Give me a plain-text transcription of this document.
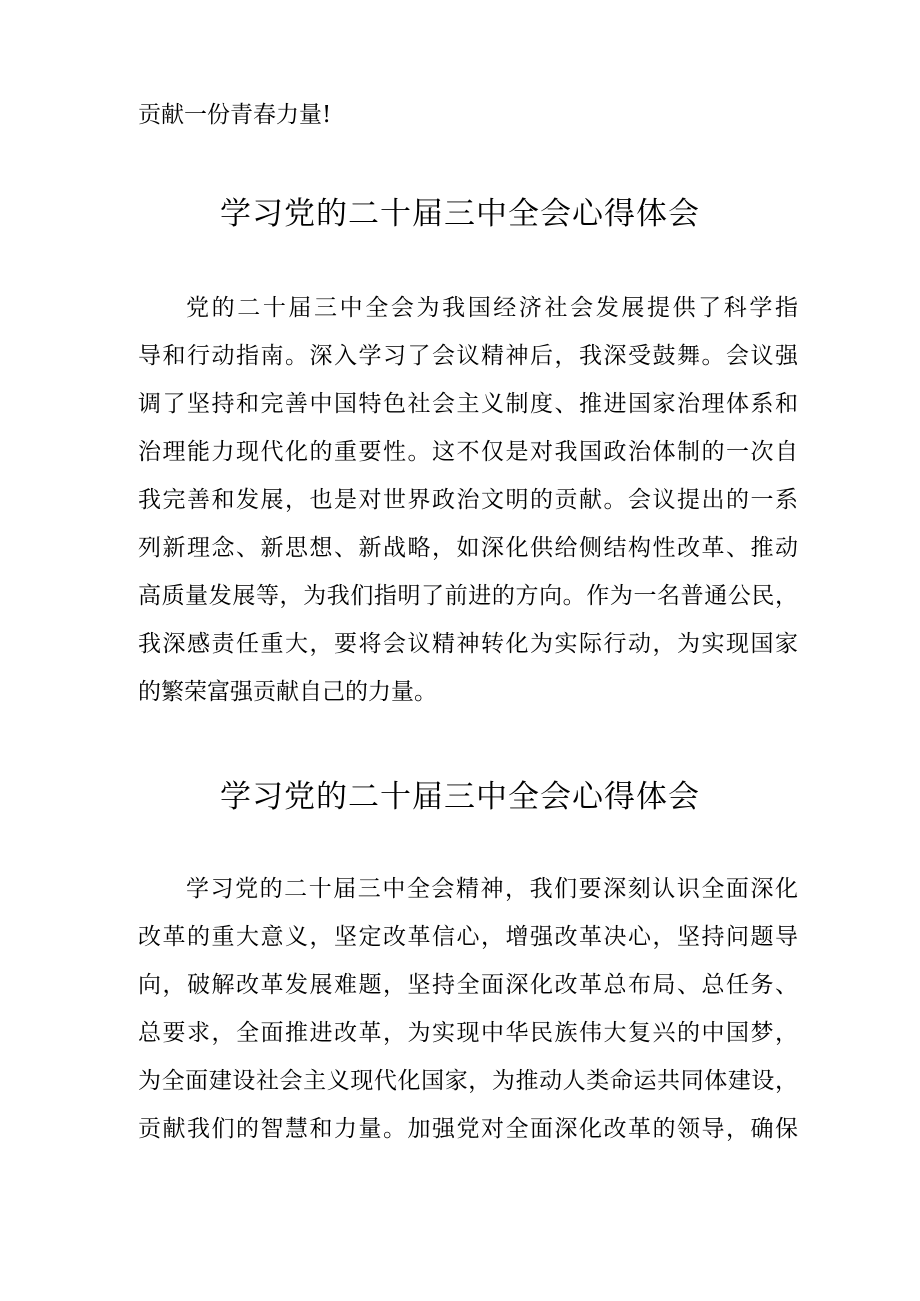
贡献一份青春力量!
学习党的二十届三中全会心得体会
党的二十届三中全会为我国经济社会发展提供了科学指
导和行动指南。深入学习了会议精神后，我深受鼓舞。会议强
调了坚持和完善中国特色社会主义制度、推进国家治理体系和
治理能力现代化的重要性。这不仅是对我国政治体制的一次自
我完善和发展，也是对世界政治文明的贡献。会议提出的一系
列新理念、新思想、新战略，如深化供给侧结构性改革、推动
高质量发展等，为我们指明了前进的方向。作为一名普通公民，
我深感责任重大，要将会议精神转化为实际行动，为实现国家
的繁荣富强贡献自己的力量。
学习党的二十届三中全会心得体会
学习党的二十届三中全会精神，我们要深刻认识全面深化
改革的重大意义，坚定改革信心，增强改革决心，坚持问题导
向，破解改革发展难题，坚持全面深化改革总布局、总任务、
总要求，全面推进改革，为实现中华民族伟大复兴的中国梦，
为全面建设社会主义现代化国家，为推动人类命运共同体建设，
贡献我们的智慧和力量。加强党对全面深化改革的领导，确保
